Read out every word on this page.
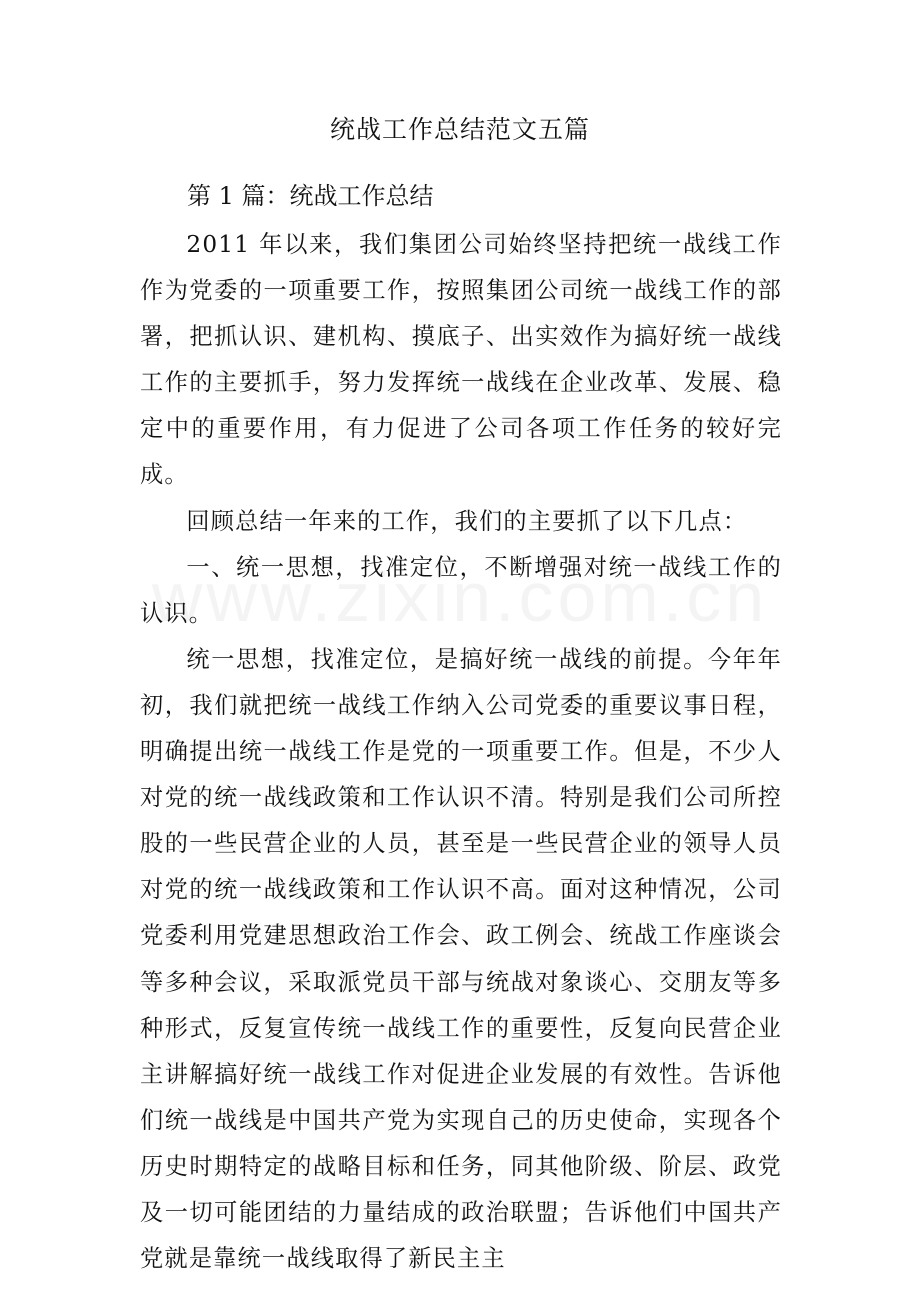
统战工作总结范文五篇
第 1 篇：统战工作总结

2011 年以来，我们集团公司始终坚持把统一战线工作作为党委的一项重要工作，按照集团公司统一战线工作的部署，把抓认识、建机构、摸底子、出实效作为搞好统一战线工作的主要抓手，努力发挥统一战线在企业改革、发展、稳定中的重要作用，有力促进了公司各项工作任务的较好完成。

回顾总结一年来的工作，我们的主要抓了以下几点：

一、统一思想，找准定位，不断增强对统一战线工作的认识。

统一思想，找准定位，是搞好统一战线的前提。今年年初，我们就把统一战线工作纳入公司党委的重要议事日程，明确提出统一战线工作是党的一项重要工作。但是，不少人对党的统一战线政策和工作认识不清。特别是我们公司所控股的一些民营企业的人员，甚至是一些民营企业的领导人员对党的统一战线政策和工作认识不高。面对这种情况，公司党委利用党建思想政治工作会、政工例会、统战工作座谈会等多种会议，采取派党员干部与统战对象谈心、交朋友等多种形式，反复宣传统一战线工作的重要性，反复向民营企业主讲解搞好统一战线工作对促进企业发展的有效性。告诉他们统一战线是中国共产党为实现自己的历史使命，实现各个历史时期特定的战略目标和任务，同其他阶级、阶层、政党及一切可能团结的力量结成的政治联盟；告诉他们中国共产党就是靠统一战线取得了新民主主
